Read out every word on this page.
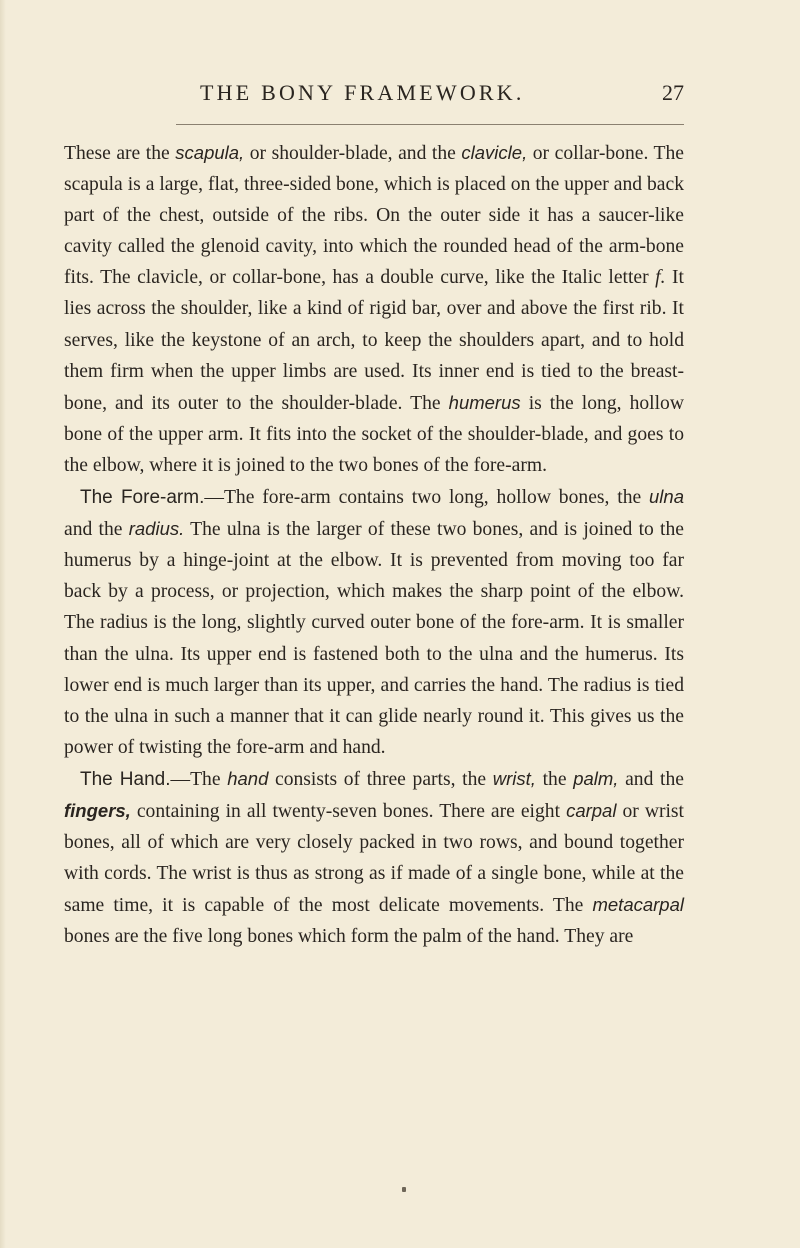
THE BONY FRAMEWORK.	27

These are the scapula, or shoulder-blade, and the clavicle, or collar-bone. The scapula is a large, flat, three-sided bone, which is placed on the upper and back part of the chest, outside of the ribs. On the outer side it has a saucer-like cavity called the glenoid cavity, into which the rounded head of the arm-bone fits. The clavicle, or collar-bone, has a double curve, like the Italic letter f. It lies across the shoulder, like a kind of rigid bar, over and above the first rib. It serves, like the keystone of an arch, to keep the shoulders apart, and to hold them firm when the upper limbs are used. Its inner end is tied to the breast-bone, and its outer to the shoulder-blade. The humerus is the long, hollow bone of the upper arm. It fits into the socket of the shoulder-blade, and goes to the elbow, where it is joined to the two bones of the fore-arm.

The Fore-arm.—The fore-arm contains two long, hollow bones, the ulna and the radius. The ulna is the larger of these two bones, and is joined to the humerus by a hinge-joint at the elbow. It is prevented from moving too far back by a process, or projection, which makes the sharp point of the elbow. The radius is the long, slightly curved outer bone of the fore-arm. It is smaller than the ulna. Its upper end is fastened both to the ulna and the humerus. Its lower end is much larger than its upper, and carries the hand. The radius is tied to the ulna in such a manner that it can glide nearly round it. This gives us the power of twisting the fore-arm and hand.

The Hand.—The hand consists of three parts, the wrist, the palm, and the fingers, containing in all twenty-seven bones. There are eight carpal or wrist bones, all of which are very closely packed in two rows, and bound together with cords. The wrist is thus as strong as if made of a single bone, while at the same time, it is capable of the most delicate movements. The metacarpal bones are the five long bones which form the palm of the hand. They are
